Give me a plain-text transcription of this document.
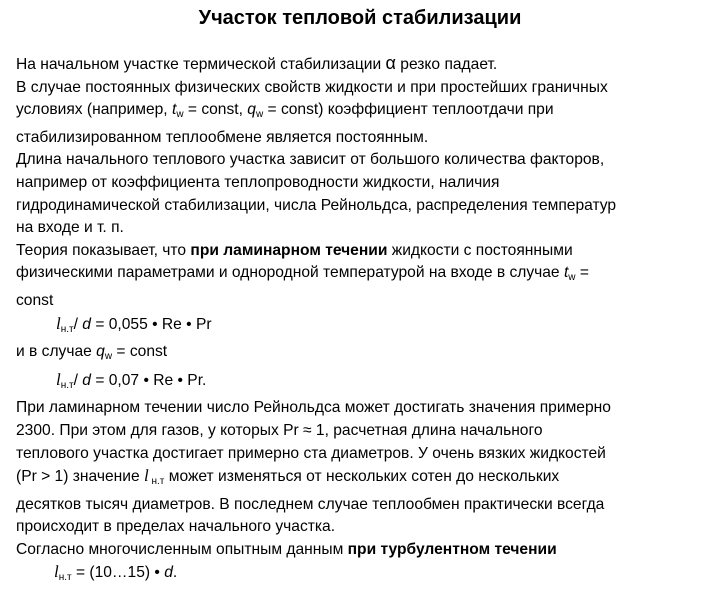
Участок тепловой стабилизации
На начальном участке термической стабилизации α резко падает.
В случае постоянных физических свойств жидкости и при простейших граничных
условиях (например, $t_w$ = const, $q_w$ = const) коэффициент теплоотдачи при
стабилизированном теплообмене является постоянным.
Длина начального теплового участка зависит от большого количества факторов,
например от коэффициента теплопроводности жидкости, наличия
гидродинамической стабилизации, числа Рейнольдса, распределения температур
на входе и т. п.
Теория показывает, что при ламинарном течении жидкости с постоянными
физическими параметрами и однородной температурой на входе в случае $t_w$ =
const
$l_{н.т}/$ d = 0,055 • Re • Pr
и в случае $q_w$ = const
$l_{н.т}/$ d = 0,07 • Re • Pr.
При ламинарном течении число Рейнольдса может достигать значения примерно
2300. При этом для газов, у которых Pr ≈ 1, расчетная длина начального
теплового участка достигает примерно ста диаметров. У очень вязких жидкостей
(Pr > 1) значение l $_{н.т}$ может изменяться от нескольких сотен до нескольких
десятков тысяч диаметров. В последнем случае теплообмен практически всегда
происходит в пределах начального участка.
Согласно многочисленным опытным данным при турбулентном течении
$l_{н.т}$ = (10…15) • d.
